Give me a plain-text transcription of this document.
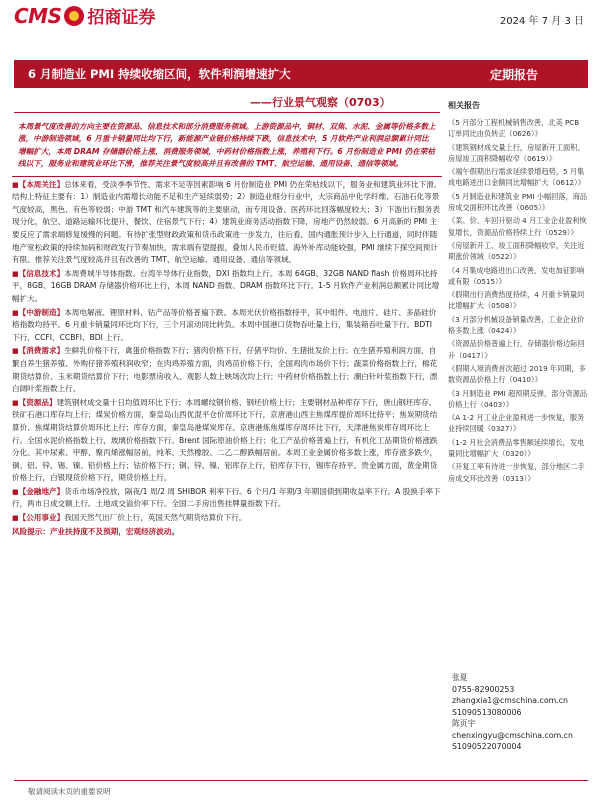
CMS 招商证券	2024 年 7 月 3 日
6 月制造业 PMI 持续收缩区间，软件利润增速扩大	定期报告
——行业景气观察（0703）

本周景气度改善的方向主要在资源品、信息技术和部分消费服务领域。上游资源品中，铜材、双焦、水泥、金属等价格多数上涨，中游制造领域，6 月重卡销量同比均下行，新能源产业链价格持续下跌，信息技术中，5 月软件产业利润总额累计同比增幅扩大，本周 DRAM 存储器价格上涨，消费服务领域，中药材价格指数上涨，养殖利下行。6 月份制造业 PMI 仍在荣枯线以下，服务业和建筑业环比下滑，推荐关注景气度较高并且有改善的 TMT、航空运输、通用设备、通信等领域。

■【本周关注】总体来看，受淡季季节性、需求不足等因素影响 6 月份制造业 PMI 仍在荣枯线以下，服务业和建筑业环比下滑。结构上特征主要有：1）制造业内需增长动能不足和生产延续弱势；2）制造业细分行业中，大宗商品中化学纤维、石油石化等景气度较高，黑色、有色等较弱；中游 TMT 和汽车建筑等的主要驱动，而专用设备、医药环比回落幅度较大；3）下游出行服务表现分化，航空、道路运输环比提升，餐饮、住宿景气下行；4）建筑业商务活动指数下降，房地产仍然较弱。6 月高新的 PMI 主要反应了需求端修复缓慢的问题。有待扩张型财政政策和货币政策进一步发力，往后看，国内通胀预计步入上行通道，同时伴随地产宽松政策的持续加码和财政发行节奏加快，需求端有望提振，叠加人民币贬值、海外补库动能较强，PMI 继续下探空间预计有限。推荐关注景气度较高并且有改善的 TMT、航空运输、通用设备、通信等领域。

■【信息技术】本周费城半导体指数、台湾半导体行业指数，DXI 指数均上行。本周 64GB、32GB NAND flash 价格周环比持平，8GB、16GB DRAM 存储器价格环比上行，本周 NAND 指数、DRAM 指数环比下行。1-5 月软件产业利润总额累计同比增幅扩大。

■【中游制造】本周电解液、锂原材料、钴产品等价格普遍下跌。本周光伏价格指数持平，其中组件、电池片、硅片、多晶硅价格指数均持平。6 月重卡销量同环比均下行，三个月滚动同比转负。本周中国港口货物吞吐量上行，集装箱吞吐量下行。BDTI 下行，CCFI、CCBFI、BDI 上行。

■【消费需求】生鲜乳价格下行，禽蛋价格指数下行；猪肉价格下行，仔猪平均价、生猪批发价上行；在生猪养殖利润方面，自繁自养生猪养殖、外购仔猪养殖利润收窄；在肉鸡养殖方面，肉鸡苗价格下行，全国鸡肉市场价下行；蔬菜价格指数上行，棉花期货结算价、玉米期货结算价下行；电影票房收入、观影人数上映场次均上行；中药材价格指数上行；潮白针叶浆指数下行，漂白阔叶浆指数上行。

■【资源品】建筑钢材成交量十日均值周环比下行；本周螺纹钢价格、钢坯价格上行；主要钢材品种库存下行，唐山钢坯库存、铁矿石港口库存均上行；煤炭价格方面，秦皇岛山西优混平仓价周环比下行，京唐港山西主焦煤库提价周环比持平；焦炭期货结算价、焦煤期货结算价周环比上行；库存方面，秦皇岛港煤炭库存、京唐港炼焦煤库存周环比下行，天津港焦炭库存周环比上行。全国水泥价格指数上行，玻璃价格指数下行。Brent 国际原油价格上行；化工产品价格普遍上行，有机化工品期货价格涨跌分化。其中尿素、甲醇、聚丙烯涨幅居前，纯苯、天然橡胶、二乙二醇跌幅居前。本周工业金属价格多数上涨，库存涨多跌少，铜、铝、锌、锡、镍、铅价格上行；钴价格下行；铜、锌、镍、铝库存上行，铅库存下行，锡库存持平。贵金属方面，黄金期货价格上行，白银现货价格下行，期货价格上行。

■【金融地产】货币市场净投放，隔夜/1 周/2 周 SHIBOR 利率下行。6 个月/1 年期/3 年期国债到期收益率下行。A 股换手率下行，两市日成交额上行。土地成交溢价率下行。全国二手房出售挂牌量指数下行。

■【公用事业】我国天然气出厂价上行，英国天然气期货结算价下行。

风险提示：产业扶持度不及预期，宏观经济波动。

相关报告
《5 月部分工程机械销售改善，北美 PCB 订单同比由负转正（0626）》
《建筑钢材成交量上行，房屋新开工面积、房屋竣工面积降幅收窄（0619）》
《端午假期出行需求延续景增趋势，5 月集成电路进出口金额同比增幅扩大（0612）》
《5 月制造业和建筑业 PMI 小幅回落，商品房成交面积环比改善（0605）》
《菜、价、车回升驱动 4 月工业企业盈利恢复增长，资源品价格持续上行（0529）》
《房屋新开工、竣工面积降幅收窄，关注近期涨价领域（0522）》
《4 月集成电路进出口改善，发电加征影响或有限（0515）》
《假期出行消费热度持续，4 月重卡销量同比增幅扩大（0508）》
《3 月部分机械设备销量改善，工业企业价格多数上涨（0424）》
《资源品价格普遍上行，存储器价格边际回升（0417）》
《假期入境消费首次超过 2019 年同期，多数资源品价格上行（0410）》
《3 月制造业 PMI 超预期反弹，部分资源品价格上行（0403）》
《A 1-2 月工业企业盈利进一步恢复，服务业持续回暖（0327）》
《1-2 月社会消费品零售额延续增长，发电量同比增幅扩大（0320）》
《开复工率有待进一步恢复，部分地区二手房成交环比改善（0313）》
张夏
0755-82900253
zhangxia1@cmschina.com.cn
S1090513080006
陈页宇
chenxingyu@cmschina.com.cn
S1090522070004
敬请阅读末页的重要说明
